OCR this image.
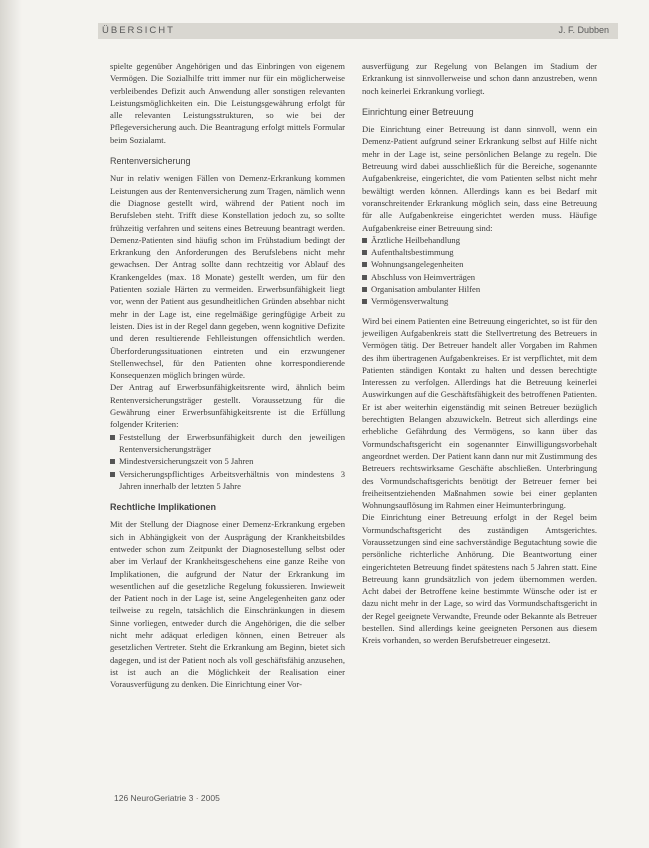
ÜBERSICHT	J. F. Dubben

spielte gegenüber Angehörigen und das Einbringen von eigenem Vermögen. Die Sozialhilfe tritt immer nur für ein möglicherweise verbleibendes Defizit auch Anwendung aller sonstigen relevanten Leistungsmöglichkeiten ein. Die Leistungsgewährung erfolgt für alle relevanten Leistungsstrukturen, so wie bei der Pflegeversicherung auch. Die Beantragung erfolgt mittels Formular beim Sozialamt.

Rentenversicherung

Nur in relativ wenigen Fällen von Demenz-Erkrankung kommen Leistungen aus der Rentenversicherung zum Tragen, nämlich wenn die Diagnose gestellt wird, während der Patient noch im Berufsleben steht. Trifft diese Konstellation jedoch zu, so sollte frühzeitig verfahren und seitens eines Betreuung beantragt werden. Demenz-Patienten sind häufig schon im Frühstadium bedingt der Erkrankung den Anforderungen des Berufslebens nicht mehr gewachsen. Der Antrag sollte dann rechtzeitig vor Ablauf des Krankengeldes (max. 18 Monate) gestellt werden, um für den Patienten soziale Härten zu vermeiden. Erwerbsunfähigkeit liegt vor, wenn der Patient aus gesundheitlichen Gründen absehbar nicht mehr in der Lage ist, eine regelmäßige geringfügige Arbeit zu leisten. Dies ist in der Regel dann gegeben, wenn kognitive Defizite und deren resultierende Fehlleistungen offensichtlich werden. Überforderungssituationen eintreten und ein erzwungener Stellenwechsel, für den Patienten ohne korrespondierende Konsequenzen möglich bringen würde.

Der Antrag auf Erwerbsunfähigkeitsrente wird, ähnlich beim Rentenversicherungsträger gestellt. Voraussetzung für die Gewährung einer Erwerbsunfähigkeitsrente ist die Erfüllung folgender Kriterien:

Feststellung der Erwerbsunfähigkeit durch den jeweiligen Rentenversicherungsträger
Mindestversicherungszeit von 5 Jahren
Versicherungspflichtiges Arbeitsverhältnis von mindestens 3 Jahren innerhalb der letzten 5 Jahre
Rechtliche Implikationen

Mit der Stellung der Diagnose einer Demenz-Erkrankung ergeben sich in Abhängigkeit von der Ausprägung der Krankheitsbildes entweder schon zum Zeitpunkt der Diagnosestellung selbst oder aber im Verlauf der Krankheitsgeschehens eine ganze Reihe von Implikationen, die aufgrund der Natur der Erkrankung im wesentlichen auf die gesetzliche Regelung fokussieren. Inwieweit der Patient noch in der Lage ist, seine Angelegenheiten ganz oder teilweise zu regeln, tatsächlich die Einschränkungen in diesem Sinne vorliegen, entweder durch die Angehörigen, die die selber nicht mehr adäquat erledigen können, einen Betreuer als gesetzlichen Vertreter. Steht die Erkrankung am Beginn, bietet sich dagegen, und ist der Patient noch als voll geschäftsfähig anzusehen, ist ist auch an die Möglichkeit der Realisation einer Vorausverfügung zu denken. Die Einrichtung einer Vor-

ausverfügung zur Regelung von Belangen im Stadium der Erkrankung ist sinnvollerweise und schon dann anzustreben, wenn noch keinerlei Erkrankung vorliegt.

Einrichtung einer Betreuung

Die Einrichtung einer Betreuung ist dann sinnvoll, wenn ein Demenz-Patient aufgrund seiner Erkrankung selbst auf Hilfe nicht mehr in der Lage ist, seine persönlichen Belange zu regeln. Die Betreuung wird dabei ausschließlich für die Bereiche, sogenannte Aufgabenkreise, eingerichtet, die vom Patienten selbst nicht mehr bewältigt werden können. Allerdings kann es bei Bedarf mit voranschreitender Erkrankung möglich sein, dass eine Betreuung für alle Aufgabenkreise eingerichtet werden muss. Häufige Aufgabenkreise einer Betreuung sind:

Ärztliche Heilbehandlung
Aufenthaltsbestimmung
Wohnungsangelegenheiten
Abschluss von Heimverträgen
Organisation ambulanter Hilfen
Vermögensverwaltung

Wird bei einem Patienten eine Betreuung eingerichtet, so ist für den jeweiligen Aufgabenkreis statt die Stellvertretung des Betreuers in Vermögen tätig. Der Betreuer handelt aller Vorgaben im Rahmen des ihm übertragenen Aufgabenkreises. Er ist verpflichtet, mit dem Patienten ständigen Kontakt zu halten und dessen berechtigte Interessen zu verfolgen. Allerdings hat die Betreuung keinerlei Auswirkungen auf die Geschäftsfähigkeit des betroffenen Patienten. Er ist aber weiterhin eigenständig mit seinen Betreuer bezüglich berechtigten Belangen abzuwickeln. Betreut sich allerdings eine erhebliche Gefährdung des Vermögens, so kann über das Vormundschaftsgericht ein sogenannter Einwilligungsvorbehalt angeordnet werden. Der Patient kann dann nur mit Zustimmung des Betreuers rechtswirksame Geschäfte abschließen. Unterbringung des Vormundschaftsgerichts benötigt der Betreuer ferner bei freiheitsentziehenden Maßnahmen sowie bei einer geplanten Wohnungsauflösung im Rahmen einer Heimunterbringung.

Die Einrichtung einer Betreuung erfolgt in der Regel beim Vormundschaftsgericht des zuständigen Amtsgerichtes. Voraussetzungen sind eine sachverständige Begutachtung sowie die persönliche richterliche Anhörung. Die Beantwortung einer eingerichteten Betreuung findet spätestens nach 5 Jahren statt. Eine Betreuung kann grundsätzlich von jedem übernommen werden. Acht dabei der Betroffene keine bestimmte Wünsche oder ist er dazu nicht mehr in der Lage, so wird das Vormundschaftsgericht in der Regel geeignete Verwandte, Freunde oder Bekannte als Betreuer bestellen. Sind allerdings keine geeigneten Personen aus diesem Kreis vorhanden, so werden Berufsbetreuer eingesetzt.

126 NeuroGeriatrie 3 · 2005
